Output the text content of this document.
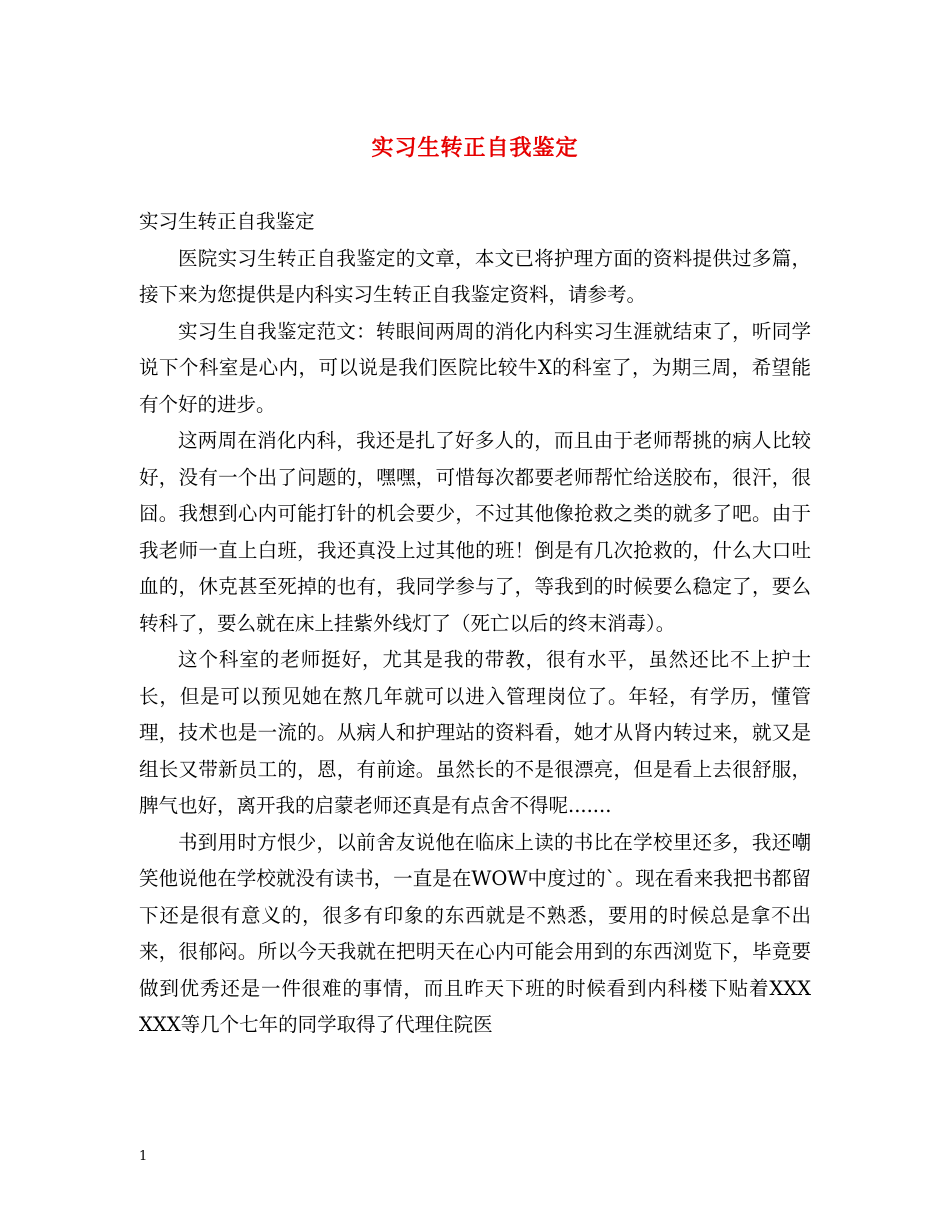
实习生转正自我鉴定

实习生转正自我鉴定

医院实习生转正自我鉴定的文章，本文已将护理方面的资料提供过多篇，接下来为您提供是内科实习生转正自我鉴定资料，请参考。

实习生自我鉴定范文：转眼间两周的消化内科实习生涯就结束了，听同学说下个科室是心内，可以说是我们医院比较牛X的科室了，为期三周，希望能有个好的进步。

这两周在消化内科，我还是扎了好多人的，而且由于老师帮挑的病人比较好，没有一个出了问题的，嘿嘿，可惜每次都要老师帮忙给送胶布，很汗，很囧。我想到心内可能打针的机会要少，不过其他像抢救之类的就多了吧。由于我老师一直上白班，我还真没上过其他的班！倒是有几次抢救的，什么大口吐血的，休克甚至死掉的也有，我同学参与了，等我到的时候要么稳定了，要么转科了，要么就在床上挂紫外线灯了（死亡以后的终末消毒）。

这个科室的老师挺好，尤其是我的带教，很有水平，虽然还比不上护士长，但是可以预见她在熬几年就可以进入管理岗位了。年轻，有学历，懂管理，技术也是一流的。从病人和护理站的资料看，她才从肾内转过来，就又是组长又带新员工的，恩，有前途。虽然长的不是很漂亮，但是看上去很舒服，脾气也好，离开我的启蒙老师还真是有点舍不得呢.......

书到用时方恨少，以前舍友说他在临床上读的书比在学校里还多，我还嘲笑他说他在学校就没有读书，一直是在WOW中度过的`。现在看来我把书都留下还是很有意义的，很多有印象的东西就是不熟悉，要用的时候总是拿不出来，很郁闷。所以今天我就在把明天在心内可能会用到的东西浏览下，毕竟要做到优秀还是一件很难的事情，而且昨天下班的时候看到内科楼下贴着XXX XXX等几个七年的同学取得了代理住院医

1
